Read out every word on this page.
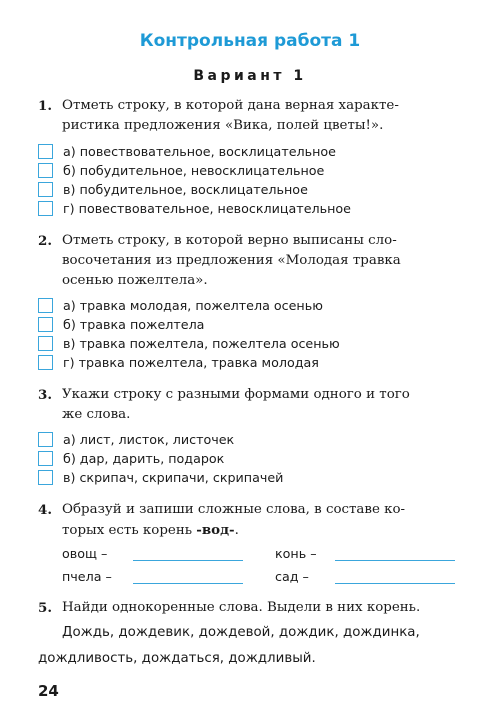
Контрольная работа 1
Вариант 1
1. Отметь строку, в которой дана верная характе-
ристика предложения «Вика, полей цветы!».
а) повествовательное, восклицательное
б) побудительное, невосклицательное
в) побудительное, восклицательное
г) повествовательное, невосклицательное
2. Отметь строку, в которой верно выписаны сло-
восочетания из предложения «Молодая травка
осенью пожелтела».
а) травка молодая, пожелтела осенью
б) травка пожелтела
в) травка пожелтела, пожелтела осенью
г) травка пожелтела, травка молодая
3. Укажи строку с разными формами одного и того
же слова.
а) лист, листок, листочек
б) дар, дарить, подарок
в) скрипач, скрипачи, скрипачей
4. Образуй и запиши сложные слова, в составе ко-
торых есть корень -вод-.
овощ –	конь –
пчела –	сад –
5. Найди однокоренные слова. Выдели в них корень.
Дождь, дождевик, дождевой, дождик, дождинка,
дождливость, дождаться, дождливый.
24
